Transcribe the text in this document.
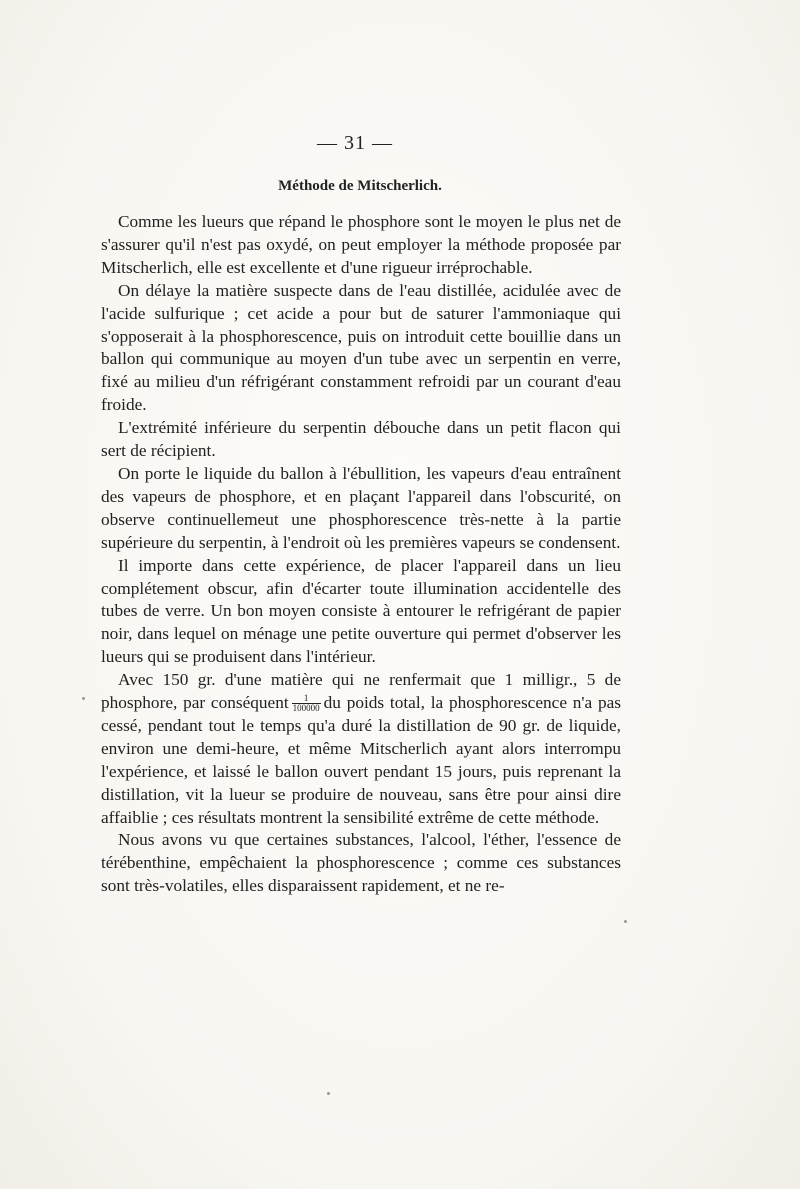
— 31 —
Méthode de Mitscherlich.

Comme les lueurs que répand le phosphore sont le moyen le plus net de s'assurer qu'il n'est pas oxydé, on peut employer la méthode proposée par Mitscherlich, elle est excellente et d'une rigueur irréprochable.

On délaye la matière suspecte dans de l'eau distillée, acidulée avec de l'acide sulfurique ; cet acide a pour but de saturer l'ammoniaque qui s'opposerait à la phosphorescence, puis on introduit cette bouillie dans un ballon qui communique au moyen d'un tube avec un serpentin en verre, fixé au milieu d'un réfrigérant constamment refroidi par un courant d'eau froide.

L'extrémité inférieure du serpentin débouche dans un petit flacon qui sert de récipient.

On porte le liquide du ballon à l'ébullition, les vapeurs d'eau entraînent des vapeurs de phosphore, et en plaçant l'appareil dans l'obscurité, on observe continuellemeut une phosphorescence très-nette à la partie supérieure du serpentin, à l'endroit où les premières vapeurs se condensent.

Il importe dans cette expérience, de placer l'appareil dans un lieu complétement obscur, afin d'écarter toute illumination accidentelle des tubes de verre. Un bon moyen consiste à entourer le refrigérant de papier noir, dans lequel on ménage une petite ouverture qui permet d'observer les lueurs qui se produisent dans l'intérieur.

Avec 150 gr. d'une matière qui ne renfermait que 1 milligr., 5 de phosphore, par conséquent $\frac{1}{100000}$ du poids total, la phosphorescence n'a pas cessé, pendant tout le temps qu'a duré la distillation de 90 gr. de liquide, environ une demi-heure, et même Mitscherlich ayant alors interrompu l'expérience, et laissé le ballon ouvert pendant 15 jours, puis reprenant la distillation, vit la lueur se produire de nouveau, sans être pour ainsi dire affaiblie ; ces résultats montrent la sensibilité extrême de cette méthode.

Nous avons vu que certaines substances, l'alcool, l'éther, l'essence de térébenthine, empêchaient la phosphorescence ; comme ces substances sont très-volatiles, elles disparaissent rapidement, et ne re-
